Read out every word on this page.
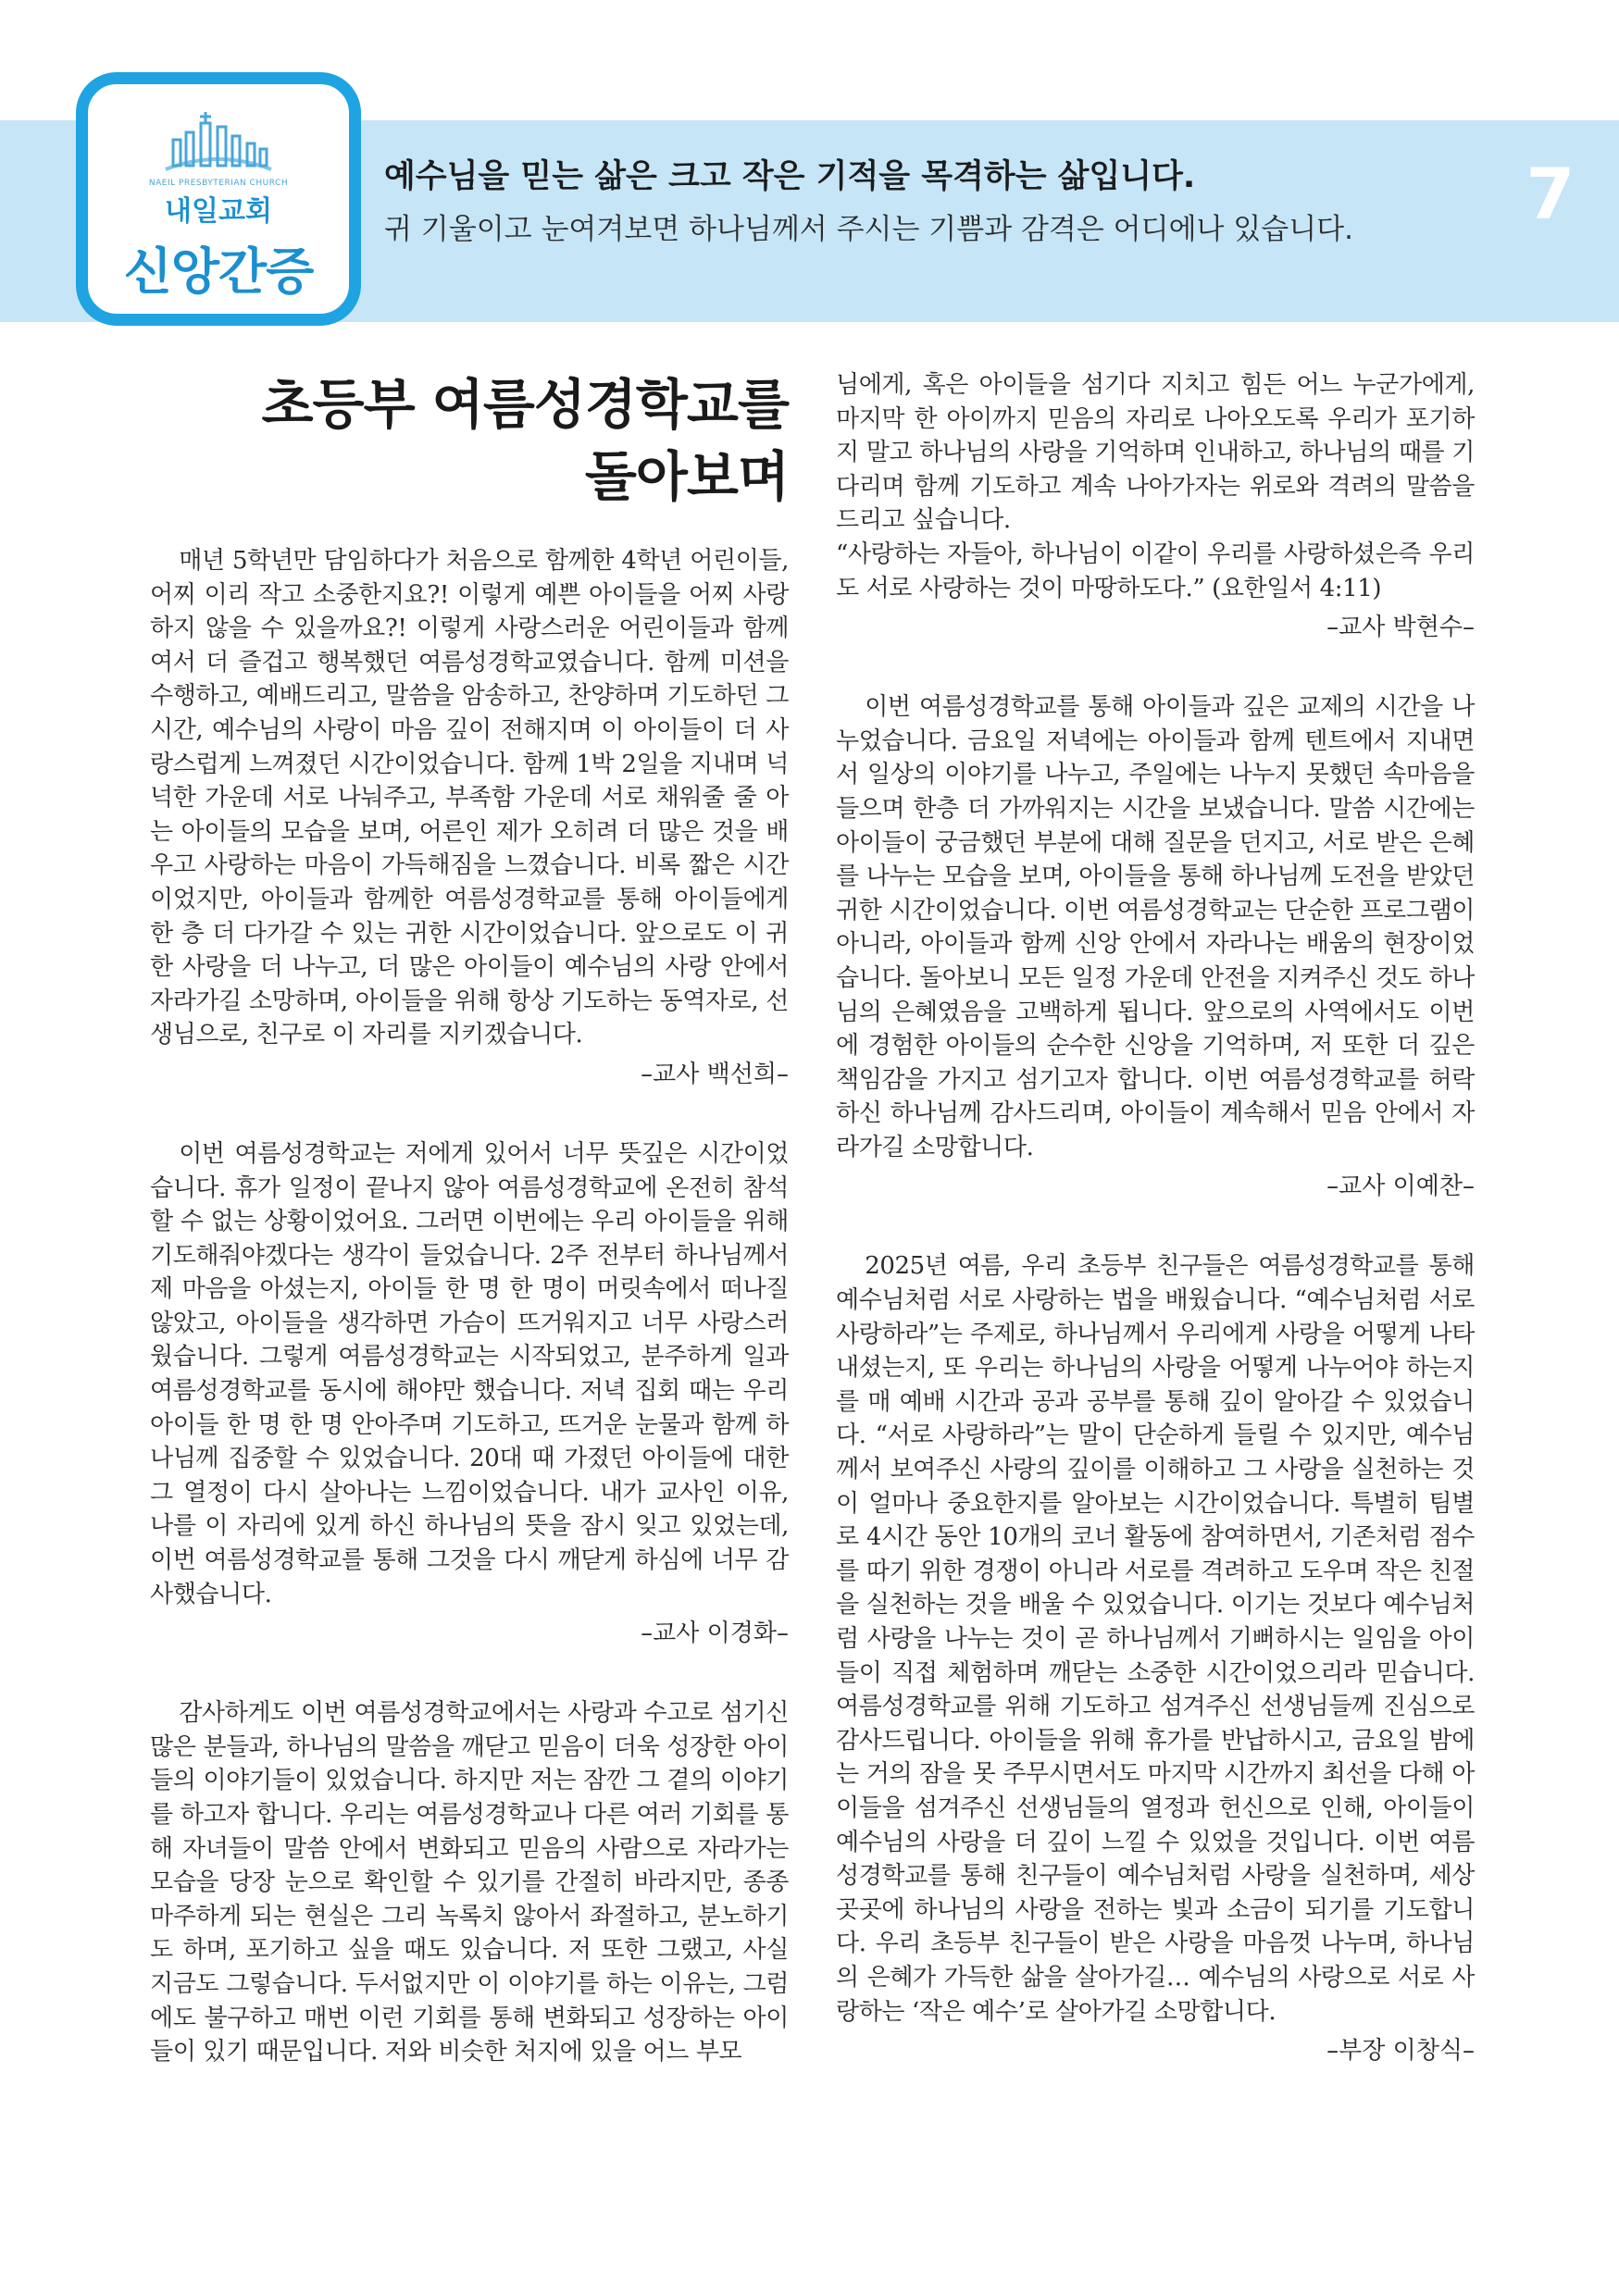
NAEIL PRESBYTERIAN CHURCH
내일교회
신앙간증
예수님을 믿는 삶은 크고 작은 기적을 목격하는 삶입니다.
귀 기울이고 눈여겨보면 하나님께서 주시는 기쁨과 감격은 어디에나 있습니다. 7
초등부 여름성경학교를
돌아보며

매년 5학년만 담임하다가 처음으로 함께한 4학년 어린이들, 어찌 이리 작고 소중한지요?! 이렇게 예쁜 아이들을 어찌 사랑하지 않을 수 있을까요?! 이렇게 사랑스러운 어린이들과 함께여서 더 즐겁고 행복했던 여름성경학교였습니다. 함께 미션을 수행하고, 예배드리고, 말씀을 암송하고, 찬양하며 기도하던 그 시간, 예수님의 사랑이 마음 깊이 전해지며 이 아이들이 더 사랑스럽게 느껴졌던 시간이었습니다. 함께 1박 2일을 지내며 넉넉한 가운데 서로 나눠주고, 부족함 가운데 서로 채워줄 줄 아는 아이들의 모습을 보며, 어른인 제가 오히려 더 많은 것을 배우고 사랑하는 마음이 가득해짐을 느꼈습니다. 비록 짧은 시간이었지만, 아이들과 함께한 여름성경학교를 통해 아이들에게 한 층 더 다가갈 수 있는 귀한 시간이었습니다. 앞으로도 이 귀한 사랑을 더 나누고, 더 많은 아이들이 예수님의 사랑 안에서 자라가길 소망하며, 아이들을 위해 항상 기도하는 동역자로, 선생님으로, 친구로 이 자리를 지키겠습니다.

–교사 백선희–

이번 여름성경학교는 저에게 있어서 너무 뜻깊은 시간이었습니다. 휴가 일정이 끝나지 않아 여름성경학교에 온전히 참석할 수 없는 상황이었어요. 그러면 이번에는 우리 아이들을 위해 기도해줘야겠다는 생각이 들었습니다. 2주 전부터 하나님께서 제 마음을 아셨는지, 아이들 한 명 한 명이 머릿속에서 떠나질 않았고, 아이들을 생각하면 가슴이 뜨거워지고 너무 사랑스러웠습니다. 그렇게 여름성경학교는 시작되었고, 분주하게 일과 여름성경학교를 동시에 해야만 했습니다. 저녁 집회 때는 우리 아이들 한 명 한 명 안아주며 기도하고, 뜨거운 눈물과 함께 하나님께 집중할 수 있었습니다. 20대 때 가졌던 아이들에 대한 그 열정이 다시 살아나는 느낌이었습니다. 내가 교사인 이유, 나를 이 자리에 있게 하신 하나님의 뜻을 잠시 잊고 있었는데, 이번 여름성경학교를 통해 그것을 다시 깨닫게 하심에 너무 감사했습니다.

–교사 이경화–

감사하게도 이번 여름성경학교에서는 사랑과 수고로 섬기신 많은 분들과, 하나님의 말씀을 깨닫고 믿음이 더욱 성장한 아이들의 이야기들이 있었습니다. 하지만 저는 잠깐 그 곁의 이야기를 하고자 합니다. 우리는 여름성경학교나 다른 여러 기회를 통해 자녀들이 말씀 안에서 변화되고 믿음의 사람으로 자라가는 모습을 당장 눈으로 확인할 수 있기를 간절히 바라지만, 종종 마주하게 되는 현실은 그리 녹록치 않아서 좌절하고, 분노하기도 하며, 포기하고 싶을 때도 있습니다. 저 또한 그랬고, 사실 지금도 그렇습니다. 두서없지만 이 이야기를 하는 이유는, 그럼에도 불구하고 매번 이런 기회를 통해 변화되고 성장하는 아이들이 있기 때문입니다. 저와 비슷한 처지에 있을 어느 부모

님에게, 혹은 아이들을 섬기다 지치고 힘든 어느 누군가에게, 마지막 한 아이까지 믿음의 자리로 나아오도록 우리가 포기하지 말고 하나님의 사랑을 기억하며 인내하고, 하나님의 때를 기다리며 함께 기도하고 계속 나아가자는 위로와 격려의 말씀을 드리고 싶습니다.

“사랑하는 자들아, 하나님이 이같이 우리를 사랑하셨은즉 우리도 서로 사랑하는 것이 마땅하도다.” (요한일서 4:11)

–교사 박현수–

이번 여름성경학교를 통해 아이들과 깊은 교제의 시간을 나누었습니다. 금요일 저녁에는 아이들과 함께 텐트에서 지내면서 일상의 이야기를 나누고, 주일에는 나누지 못했던 속마음을 들으며 한층 더 가까워지는 시간을 보냈습니다. 말씀 시간에는 아이들이 궁금했던 부분에 대해 질문을 던지고, 서로 받은 은혜를 나누는 모습을 보며, 아이들을 통해 하나님께 도전을 받았던 귀한 시간이었습니다. 이번 여름성경학교는 단순한 프로그램이 아니라, 아이들과 함께 신앙 안에서 자라나는 배움의 현장이었습니다. 돌아보니 모든 일정 가운데 안전을 지켜주신 것도 하나님의 은혜였음을 고백하게 됩니다. 앞으로의 사역에서도 이번에 경험한 아이들의 순수한 신앙을 기억하며, 저 또한 더 깊은 책임감을 가지고 섬기고자 합니다. 이번 여름성경학교를 허락하신 하나님께 감사드리며, 아이들이 계속해서 믿음 안에서 자라가길 소망합니다.

–교사 이예찬–

2025년 여름, 우리 초등부 친구들은 여름성경학교를 통해 예수님처럼 서로 사랑하는 법을 배웠습니다. “예수님처럼 서로 사랑하라”는 주제로, 하나님께서 우리에게 사랑을 어떻게 나타내셨는지, 또 우리는 하나님의 사랑을 어떻게 나누어야 하는지를 매 예배 시간과 공과 공부를 통해 깊이 알아갈 수 있었습니다. “서로 사랑하라”는 말이 단순하게 들릴 수 있지만, 예수님께서 보여주신 사랑의 깊이를 이해하고 그 사랑을 실천하는 것이 얼마나 중요한지를 알아보는 시간이었습니다. 특별히 팀별로 4시간 동안 10개의 코너 활동에 참여하면서, 기존처럼 점수를 따기 위한 경쟁이 아니라 서로를 격려하고 도우며 작은 친절을 실천하는 것을 배울 수 있었습니다. 이기는 것보다 예수님처럼 사랑을 나누는 것이 곧 하나님께서 기뻐하시는 일임을 아이들이 직접 체험하며 깨닫는 소중한 시간이었으리라 믿습니다. 여름성경학교를 위해 기도하고 섬겨주신 선생님들께 진심으로 감사드립니다. 아이들을 위해 휴가를 반납하시고, 금요일 밤에는 거의 잠을 못 주무시면서도 마지막 시간까지 최선을 다해 아이들을 섬겨주신 선생님들의 열정과 헌신으로 인해, 아이들이 예수님의 사랑을 더 깊이 느낄 수 있었을 것입니다. 이번 여름성경학교를 통해 친구들이 예수님처럼 사랑을 실천하며, 세상 곳곳에 하나님의 사랑을 전하는 빛과 소금이 되기를 기도합니다. 우리 초등부 친구들이 받은 사랑을 마음껏 나누며, 하나님의 은혜가 가득한 삶을 살아가길… 예수님의 사랑으로 서로 사랑하는 ‘작은 예수’로 살아가길 소망합니다.

–부장 이창식–
